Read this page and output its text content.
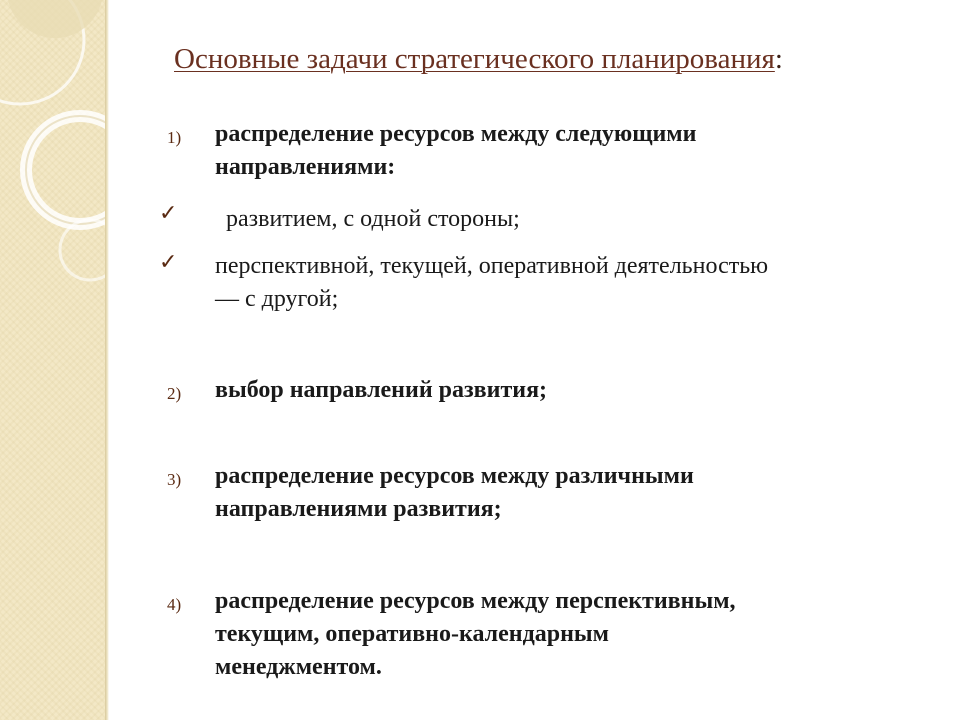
Основные задачи стратегического планирования:
1) распределение ресурсов между следующими
направлениями:
✓ развитием, с одной стороны;
✓ перспективной, текущей, оперативной деятельностью
— с другой;
2) выбор направлений развития;
3) распределение ресурсов между различными
направлениями развития;
4) распределение ресурсов между перспективным,
текущим, оперативно-календарным
менеджментом.
